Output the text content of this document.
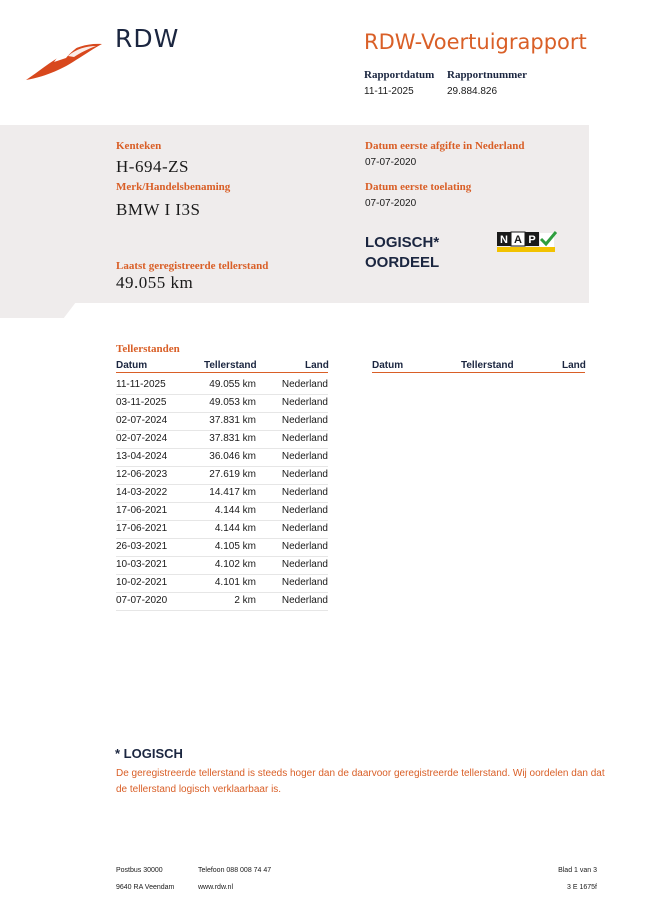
RDW	RDW-Voertuigrapport
Rapportdatum Rapportnummer
11-11-2025	29.884.826
Kenteken
H-694-ZS
Merk/Handelsbenaming
BMW I I3S
Laatst geregistreerde tellerstand
49.055 km
Datum eerste afgifte in Nederland
07-07-2020
Datum eerste toelating
07-07-2020
LOGISCH*
OORDEEL
N A P
Tellerstanden
Datum	Tellerstand	Land
11-11-2025	49.055 km	Nederland
03-11-2025	49.053 km	Nederland
02-07-2024	37.831 km	Nederland
02-07-2024	37.831 km	Nederland
13-04-2024	36.046 km	Nederland
12-06-2023	27.619 km	Nederland
14-03-2022	14.417 km	Nederland
17-06-2021	4.144 km	Nederland
17-06-2021	4.144 km	Nederland
26-03-2021	4.105 km	Nederland
10-03-2021	4.102 km	Nederland
10-02-2021	4.101 km	Nederland
07-07-2020	2 km	Nederland
Datum	Tellerstand	Land
* LOGISCH
De geregistreerde tellerstand is steeds hoger dan de daarvoor geregistreerde tellerstand. Wij oordelen dan dat de tellerstand logisch verklaarbaar is.
Postbus 30000
9640 RA Veendam
Telefoon 088 008 74 47
www.rdw.nl
Blad 1 van 3
3 E 1675f
